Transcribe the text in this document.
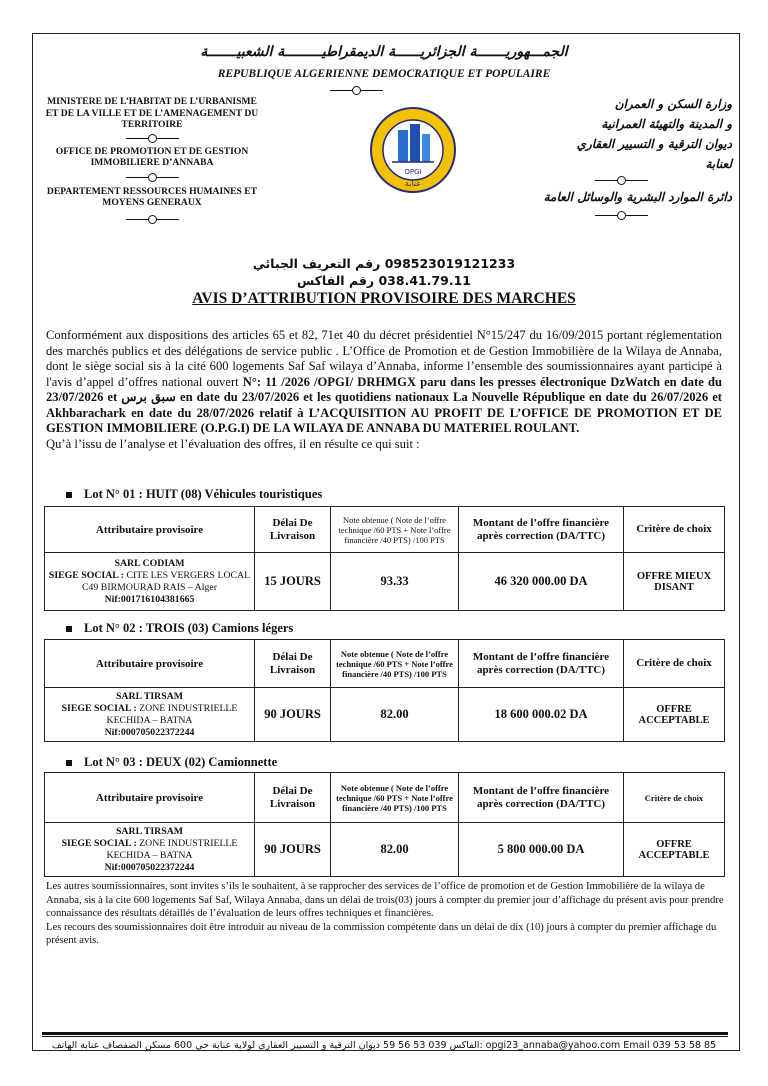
الجمـــهوريـــــــة الجزائريــــــة الديمقراطيـــــــــة الشعبيـــــــة
REPUBLIQUE ALGERIENNE DEMOCRATIQUE ET POPULAIRE

MINISTERE DE L’HABITAT DE L’URBANISME ET DE LA VILLE ET DE L’AMENAGEMENT DU TERRITOIRE

OFFICE DE PROMOTION ET DE GESTION IMMOBILIERE D’ANNABA

DEPARTEMENT RESSOURCES HUMAINES ET MOYENS GENERAUX

OPGI
عنابة

وزارة السكن و العمران

و المدينة والتهيئة العمرانية

ديوان الترقية و التسيير العقاري

لعنابة

دائرة الموارد البشرية والوسائل العامة

098523019121233 رقم التعريف الجبائي
038.41.79.11 رقم الفاكس
AVIS D’ATTRIBUTION PROVISOIRE DES MARCHES
Conformément aux dispositions des articles 65 et 82, 71et 40 du décret présidentiel N°15/247 du 16/09/2015 portant réglementation des marchés publics et des délégations de service public . L’Office de Promotion et de Gestion Immobilière de la Wilaya de Annaba, dont le siège social sis à la cité 600 logements Saf Saf wilaya d’Annaba, informe l’ensemble des soumissionnaires ayant participé à l'avis d’appel d’offres national ouvert N°: 11 /2026 /OPGI/ DRHMGX paru dans les presses électronique DzWatch en date du 23/07/2026 et سبق برس en date du 23/07/2026 et les quotidiens nationaux La Nouvelle République en date du 26/07/2026 et Akhbarachark en date du 28/07/2026 relatif à L’ACQUISITION AU PROFIT DE L’OFFICE DE PROMOTION ET DE GESTION IMMOBILIERE (O.P.G.I) DE LA WILAYA DE ANNABA DU MATERIEL ROULANT.
Qu’à l’issu de l’analyse et l’évaluation des offres, il en résulte ce qui suit :
Lot N° 01 : HUIT (08) Véhicules touristiques
Attributaire provisoire	Délai De Livraison	Note obtenue ( Note de l’offre technique /60 PTS + Note l’offre financière /40 PTS) /100 PTS	Montant de l’offre financière après correction (DA/TTC)	Critère de choix
SARL CODIAM
SIEGE SOCIAL : CITE LES VERGERS LOCAL C49 BIRMOURAD RAIS – Alger
Nif:001716104381665	15 JOURS	93.33	46 320 000.00 DA	OFFRE MIEUX DISANT
Lot N° 02 : TROIS (03) Camions légers
Attributaire provisoire	Délai De Livraison	Note obtenue ( Note de l’offre technique /60 PTS + Note l’offre financière /40 PTS) /100 PTS	Montant de l’offre financière après correction (DA/TTC)	Critère de choix
SARL TIRSAM
SIEGE SOCIAL : ZONE INDUSTRIELLE KECHIDA – BATNA
Nif:000705022372244	90 JOURS	82.00	18 600 000.02 DA	OFFRE ACCEPTABLE
Lot N° 03 : DEUX (02) Camionnette
Attributaire provisoire	Délai De Livraison	Note obtenue ( Note de l’offre technique /60 PTS + Note l’offre financière /40 PTS) /100 PTS	Montant de l’offre financière après correction (DA/TTC)	Critère de choix
SARL TIRSAM
SIEGE SOCIAL : ZONE INDUSTRIELLE KECHIDA – BATNA
Nif:000705022372244	90 JOURS	82.00	5 800 000.00 DA	OFFRE ACCEPTABLE

Les autres soumissionnaires, sont invites s’ils le souhaitent, à se rapprocher des services de l’office de promotion et de Gestion Immobilière de la wilaya de Annaba, sis à la cite 600 logements Saf Saf, Wilaya Annaba, dans un délai de trois(03) jours à compter du premier jour d’affichage du présent avis pour prendre connaissance des résultats détaillés de l’évaluation de leurs offres techniques et financières.

Les recours des soumissionnaires doit être introduit au niveau de la commission compétente dans un délai de dix (10) jours à compter du premier affichage du présent avis.

opgi23_annaba@yahoo.com Email 039 53 58 85 :الفاكس 039 53 56 59 ديوان الترقية و التسيير العقاري لولاية عنابة حي 600 مسكن الصفصاف عنابة الهاتف
